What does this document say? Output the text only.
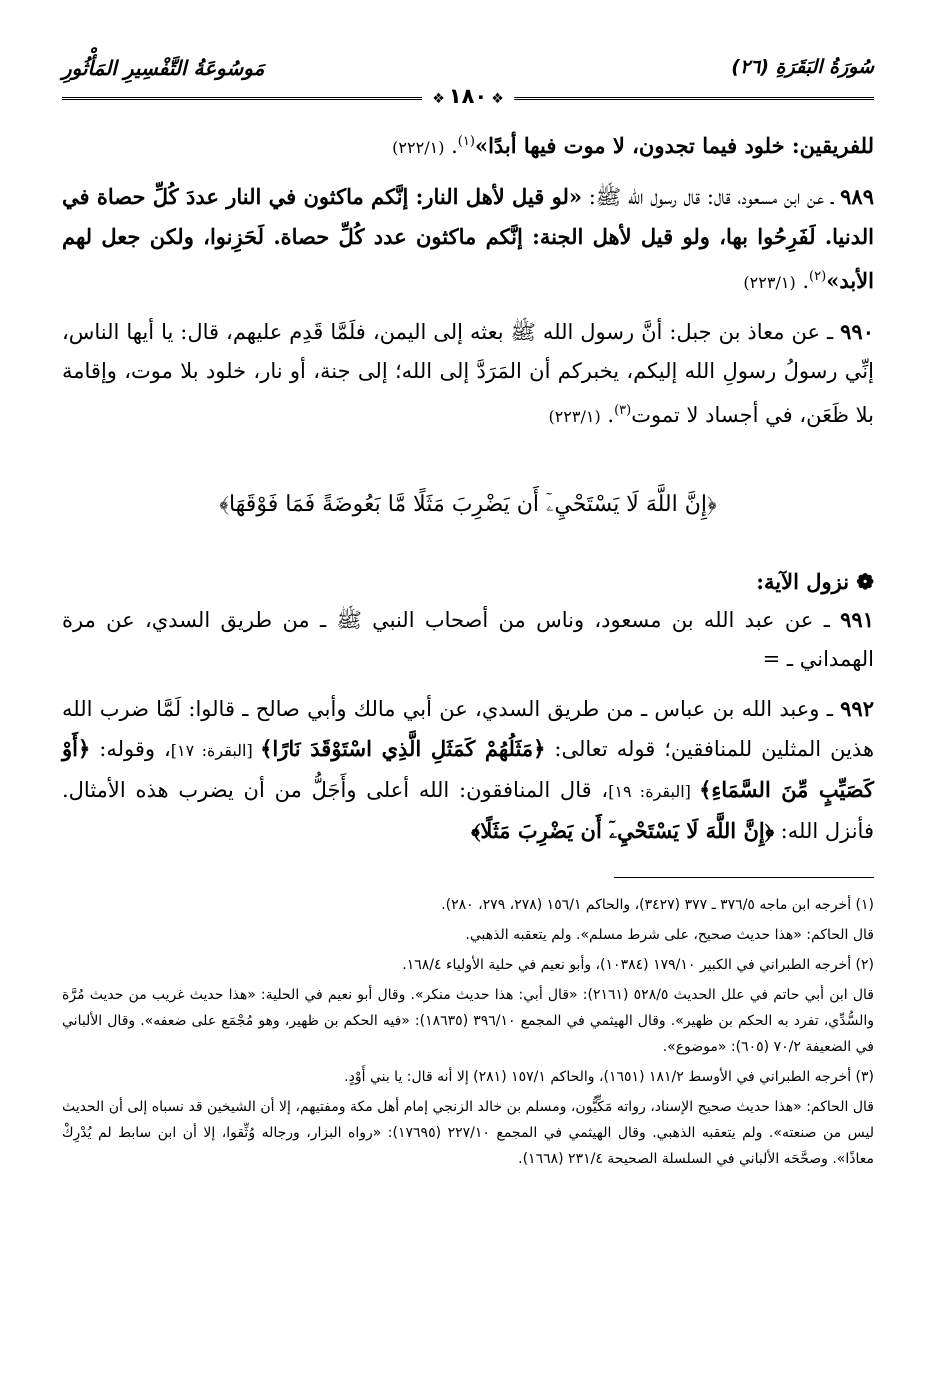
سُورَةُ البَقَرَةِ (٢٦)
مَوسُوعَةُ التَّفْسِيرِ المَأْثُورِ
❖١٨٠❖

للفريقين: خلود فيما تجدون، لا موت فيها أبدًا»$^{(١)}$. (٢٢٢/١)

٩٨٩ ـ عن ابن مسعود، قال: قال رسول الله ﷺ: «لو قيل لأهل النار: إنَّكم ماكثون في النار عددَ كُلِّ حصاة في الدنيا. لَفَرِحُوا بها، ولو قيل لأهل الجنة: إنَّكم ماكثون عدد كُلِّ حصاة. لَحَزِنوا، ولكن جعل لهم الأبد»$^{(٢)}$. (٢٢٣/١)

٩٩٠ ـ عن معاذ بن جبل: أنَّ رسول الله ﷺ بعثه إلى اليمن، فلَمَّا قَدِم عليهم، قال: يا أيها الناس، إنِّي رسولُ رسولِ الله إليكم، يخبركم أن المَرَدَّ إلى الله؛ إلى جنة، أو نار، خلود بلا موت، وإقامة بلا ظَعَن، في أجساد لا تموت$^{(٣)}$. (٢٢٣/١)

﴿إِنَّ اللَّهَ لَا يَسْتَحْيِۦٓ أَن يَضْرِبَ مَثَلًا مَّا بَعُوضَةً فَمَا فَوْقَهَا﴾
❁ نزول الآية:

٩٩١ ـ عن عبد الله بن مسعود، وناس من أصحاب النبي ﷺ ـ من طريق السدي، عن مرة الهمداني ـ =

٩٩٢ ـ وعبد الله بن عباس ـ من طريق السدي، عن أبي مالك وأبي صالح ـ قالوا: لَمَّا ضرب الله هذين المثلين للمنافقين؛ قوله تعالى: ﴿مَثَلُهُمْ كَمَثَلِ الَّذِي اسْتَوْقَدَ نَارًا﴾ [البقرة: ١٧]، وقوله: ﴿أَوْ كَصَيِّبٍ مِّنَ السَّمَاءِ﴾ [البقرة: ١٩]، قال المنافقون: الله أعلى وأَجَلُّ من أن يضرب هذه الأمثال. فأنزل الله: ﴿إِنَّ اللَّهَ لَا يَسْتَحْيِۦٓ أَن يَضْرِبَ مَثَلًا﴾

(١) أخرجه ابن ماجه ٣٧٦/٥ ـ ٣٧٧ (٣٤٢٧)، والحاكم ١٥٦/١ (٢٧٨، ٢٧٩، ٢٨٠).

قال الحاكم: «هذا حديث صحيح، على شرط مسلم». ولم يتعقبه الذهبي.

(٢) أخرجه الطبراني في الكبير ١٧٩/١٠ (١٠٣٨٤)، وأبو نعيم في حلية الأولياء ١٦٨/٤.

قال ابن أبي حاتم في علل الحديث ٥٢٨/٥ (٢١٦١): «قال أبي: هذا حديث منكر». وقال أبو نعيم في الحلية: «هذا حديث غريب من حديث مُرَّة والسُّدِّي، تفرد به الحكم بن ظهير». وقال الهيثمي في المجمع ٣٩٦/١٠ (١٨٦٣٥): «فيه الحكم بن ظهير، وهو مُجْمَع على ضعفه». وقال الألباني في الضعيفة ٧٠/٢ (٦٠٥): «موضوع».

(٣) أخرجه الطبراني في الأوسط ١٨١/٢ (١٦٥١)، والحاكم ١٥٧/١ (٢٨١) إلا أنه قال: يا بني أَوْدٍ.

قال الحاكم: «هذا حديث صحيح الإسناد، رواته مَكِّيُّون، ومسلم بن خالد الزنجي إمام أهل مكة ومفتيهم، إلا أن الشيخين قد نسباه إلى أن الحديث ليس من صنعته». ولم يتعقبه الذهبي. وقال الهيثمي في المجمع ٢٢٧/١٠ (١٧٦٩٥): «رواه البزار، ورجاله وُثِّقوا، إلا أن ابن سابط لم يُدْرِكْ معاذًا». وصحَّحَه الألباني في السلسلة الصحيحة ٢٣١/٤ (١٦٦٨).
